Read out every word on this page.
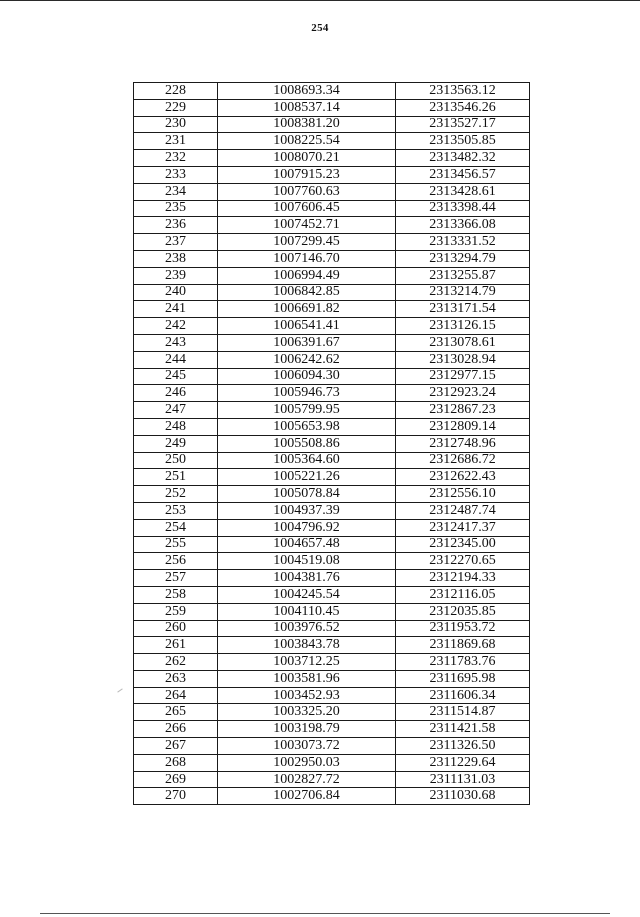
254
228	1008693.34	2313563.12
229	1008537.14	2313546.26
230	1008381.20	2313527.17
231	1008225.54	2313505.85
232	1008070.21	2313482.32
233	1007915.23	2313456.57
234	1007760.63	2313428.61
235	1007606.45	2313398.44
236	1007452.71	2313366.08
237	1007299.45	2313331.52
238	1007146.70	2313294.79
239	1006994.49	2313255.87
240	1006842.85	2313214.79
241	1006691.82	2313171.54
242	1006541.41	2313126.15
243	1006391.67	2313078.61
244	1006242.62	2313028.94
245	1006094.30	2312977.15
246	1005946.73	2312923.24
247	1005799.95	2312867.23
248	1005653.98	2312809.14
249	1005508.86	2312748.96
250	1005364.60	2312686.72
251	1005221.26	2312622.43
252	1005078.84	2312556.10
253	1004937.39	2312487.74
254	1004796.92	2312417.37
255	1004657.48	2312345.00
256	1004519.08	2312270.65
257	1004381.76	2312194.33
258	1004245.54	2312116.05
259	1004110.45	2312035.85
260	1003976.52	2311953.72
261	1003843.78	2311869.68
262	1003712.25	2311783.76
263	1003581.96	2311695.98
264	1003452.93	2311606.34
265	1003325.20	2311514.87
266	1003198.79	2311421.58
267	1003073.72	2311326.50
268	1002950.03	2311229.64
269	1002827.72	2311131.03
270	1002706.84	2311030.68
